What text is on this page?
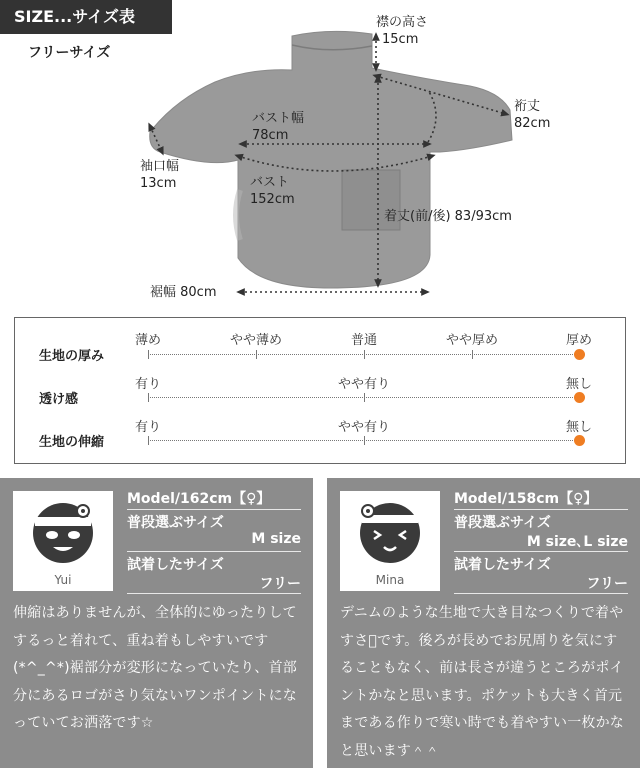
SIZE...サイズ表
フリーサイズ
襟の高さ
15cm
裄丈
82cm
バスト幅
78cm
袖口幅
13cm	バスト
152cm
着丈(前/後) 83/93cm
裾幅 80cm
生地の厚み
薄め	やや薄め	普通	やや厚め	厚め
透け感
有り	やや有り	無し
生地の伸縮
有り	やや有り	無し
Yui
Model/162cm【♀】
普段選ぶサイズ
M size
試着したサイズ
フリー
伸縮はありませんが、全体的にゆったりしてするっと着れて、重ね着もしやすいです(*^_^*)裾部分が変形になっていたり、首部分にあるロゴがさり気ないワンポイントになっていてお洒落です☆
Mina
Model/158cm【♀】
普段選ぶサイズ
M size､L size
試着したサイズ
フリー
デニムのような生地で大き目なつくりで着やすさ です。後ろが長めでお尻周りを気にすることもなく、前は長さが違うところがポイントかなと思います。ポケットも大きく首元まである作りで寒い時でも着やすい一枚かなと思います＾＾
